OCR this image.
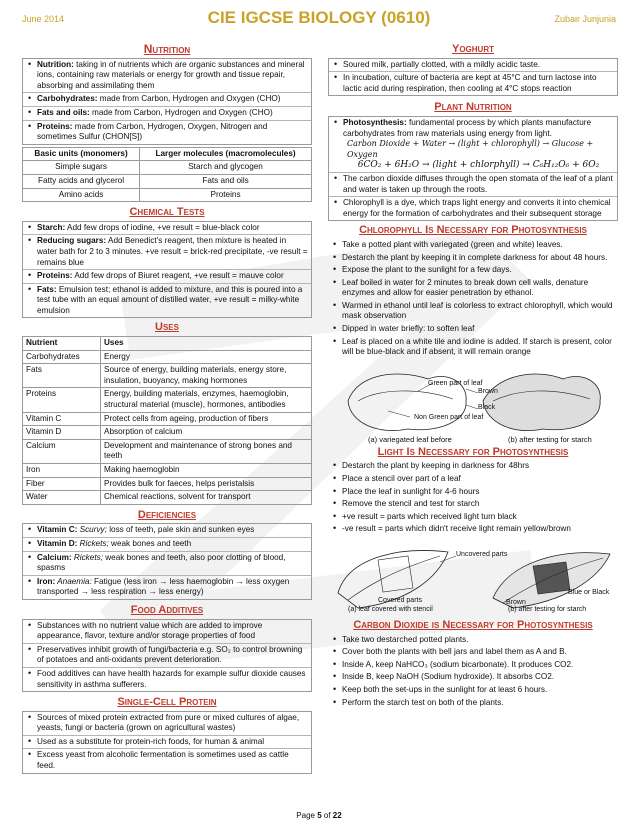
June 2014	CIE IGCSE BIOLOGY (0610)	Zubair Junjunia
Nutrition
• Nutrition: taking in of nutrients which are organic substances and mineral ions, containing raw materials or energy for growth and tissue repair, absorbing and assimilating them
• Carbohydrates: made from Carbon, Hydrogen and Oxygen (CHO)
• Fats and oils: made from Carbon, Hydrogen and Oxygen (CHO)
• Proteins: made from Carbon, Hydrogen, Oxygen, Nitrogen and sometimes Sulfur (CHON[S])
Basic units (monomers)	Larger molecules (macromolecules)
Simple sugars	Starch and glycogen
Fatty acids and glycerol	Fats and oils
Amino acids	Proteins
Chemical Tests
• Starch: Add few drops of iodine, +ve result = blue-black color
• Reducing sugars: Add Benedict's reagent, then mixture is heated in water bath for 2 to 3 minutes. +ve result = brick-red precipitate, -ve result = remains blue
• Proteins: Add few drops of Biuret reagent, +ve result = mauve color
• Fats: Emulsion test; ethanol is added to mixture, and this is poured into a test tube with an equal amount of distilled water, +ve result = milky-white emulsion
Uses
Nutrient	Uses
Carbohydrates	Energy
Fats	Source of energy, building materials, energy store, insulation, buoyancy, making hormones
Proteins	Energy, building materials, enzymes, haemoglobin, structural material (muscle), hormones, antibodies
Vitamin C	Protect cells from ageing, production of fibers
Vitamin D	Absorption of calcium
Calcium	Development and maintenance of strong bones and teeth
Iron	Making haemoglobin
Fiber	Provides bulk for faeces, helps peristalsis
Water	Chemical reactions, solvent for transport
Deficiencies
• Vitamin C: Scurvy; loss of teeth, pale skin and sunken eyes
• Vitamin D: Rickets; weak bones and teeth
• Calcium: Rickets; weak bones and teeth, also poor clotting of blood, spasms
• Iron: Anaemia: Fatigue (less iron → less haemoglobin → less oxygen transported → less respiration → less energy)
Food Additives
• Substances with no nutrient value which are added to improve appearance, flavor, texture and/or storage properties of food
• Preservatives inhibit growth of fungi/bacteria e.g. SO₂ to control browning of potatoes and anti-oxidants prevent deterioration.
• Food additives can have health hazards for example sulfur dioxide causes sensitivity in asthma sufferers.
Single-Cell Protein
• Sources of mixed protein extracted from pure or mixed cultures of algae, yeasts, fungi or bacteria (grown on agricultural wastes)
• Used as a substitute for protein-rich foods, for human & animal
• Excess yeast from alcoholic fermentation is sometimes used as cattle feed.
Yoghurt
• Soured milk, partially clotted, with a mildly acidic taste.
• In incubation, culture of bacteria are kept at 45°C and turn lactose into lactic acid during respiration, then cooling at 4°C stops reaction
Plant Nutrition
• Photosynthesis: fundamental process by which plants manufacture carbohydrates from raw materials using energy from light.
Carbon Dioxide + Water → (light + chlorophyll) → Glucose + Oxygen
6CO₂ + 6H₂O → (light + chlorphyll) → C₆H₁₂O₆ + 6O₂
• The carbon dioxide diffuses through the open stomata of the leaf of a plant and water is taken up through the roots.
• Chlorophyll is a dye, which traps light energy and converts it into chemical energy for the formation of carbohydrates and their subsequent storage
Chlorophyll Is Necessary for Photosynthesis
• Take a potted plant with variegated (green and white) leaves.
• Destarch the plant by keeping it in complete darkness for about 48 hours.
• Expose the plant to the sunlight for a few days.
• Leaf boiled in water for 2 minutes to break down cell walls, denature enzymes and allow for easier penetration by ethanol.
• Warmed in ethanol until leaf is colorless to extract chlorophyll, which would mask observation
• Dipped in water briefly: to soften leaf
• Leaf is placed on a white tile and iodine is added. If starch is present, color will be blue-black and if absent, it will remain orange
Green part of leaf
Non Green part of leaf
Brown
Black
(a) variegated leaf before	(b) after testing for starch
Light Is Necessary for Photosynthesis
• Destarch the plant by keeping in darkness for 48hrs
• Place a stencil over part of a leaf
• Place the leaf in sunlight for 4-6 hours
• Remove the stencil and test for starch
• +ve result = parts which received light turn black
• -ve result = parts which didn't receive light remain yellow/brown
Uncovered parts
Covered parts	Brown
Blue or Black
(a) leaf covered with stencil	(b) after testing for starch
Carbon Dioxide is Necessary for Photosynthesis
• Take two destarched potted plants.
• Cover both the plants with bell jars and label them as A and B.
• Inside A, keep NaHCO₃ (sodium bicarbonate). It produces CO2.
• Inside B, keep NaOH (Sodium hydroxide). It absorbs CO2.
• Keep both the set-ups in the sunlight for at least 6 hours.
• Perform the starch test on both of the plants.
Page 5 of 22
